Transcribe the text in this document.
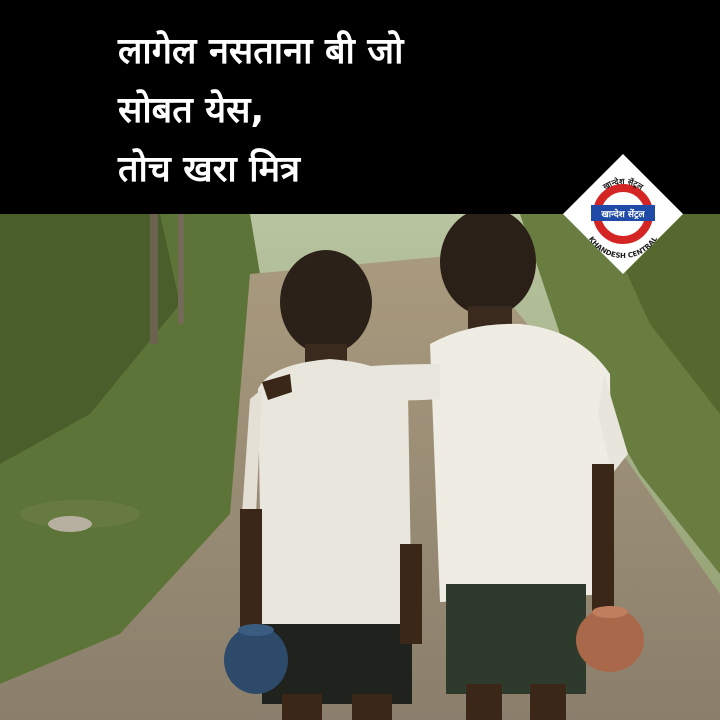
लागेल नसताना बी जो
सोबत येस,
तोच खरा मित्र
खान्देश सेंट्रल
खान्देश सेंट्रल
KHANDESH CENTRAL
